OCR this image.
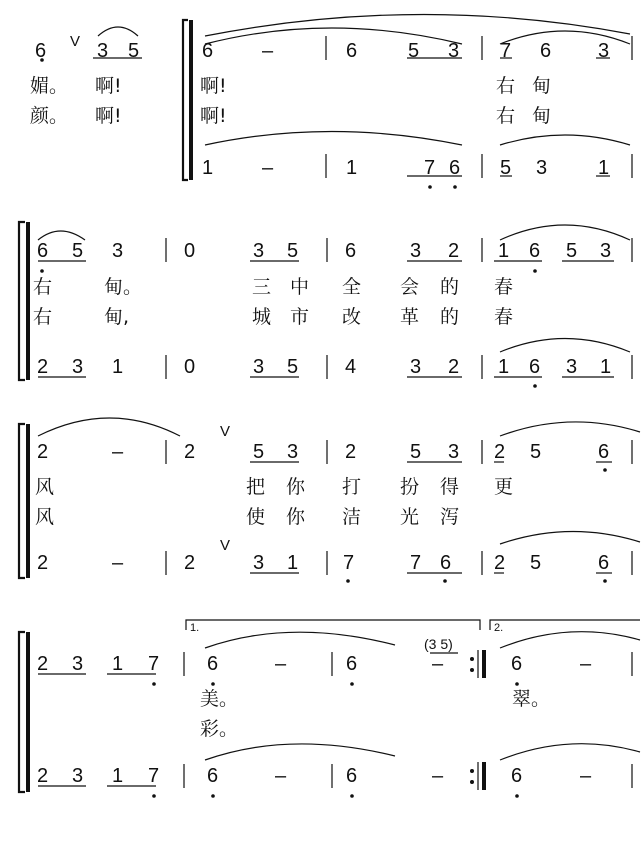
6 V 3 5
媚。 啊!
颜。 啊!
6 –	6	5 3 7 6 3
啊!	右 甸
啊!	右 甸
1 –	1	7 6 5 3	1
6 5 3	0	3 5 6	3 2 1 6 5 3
右	甸。	三 中 全 会 的 春
右	甸,	城 市 改 革 的 春
2 3 1	0	3 5 4	3 2 1 6 3 1
2	–	2
V
5 3 2	5 3 2 5	6
风	把 你 打 扮 得 更
风	使 你 洁 光 泻
2	–	2
V
3 1 7	7 6 2 5	6
1.	2.
(3 5)
2 3 1 7 6	–	6	–	6	–
美。	翠。
彩。
2 3 1 7 6	–	6	–	6	–
